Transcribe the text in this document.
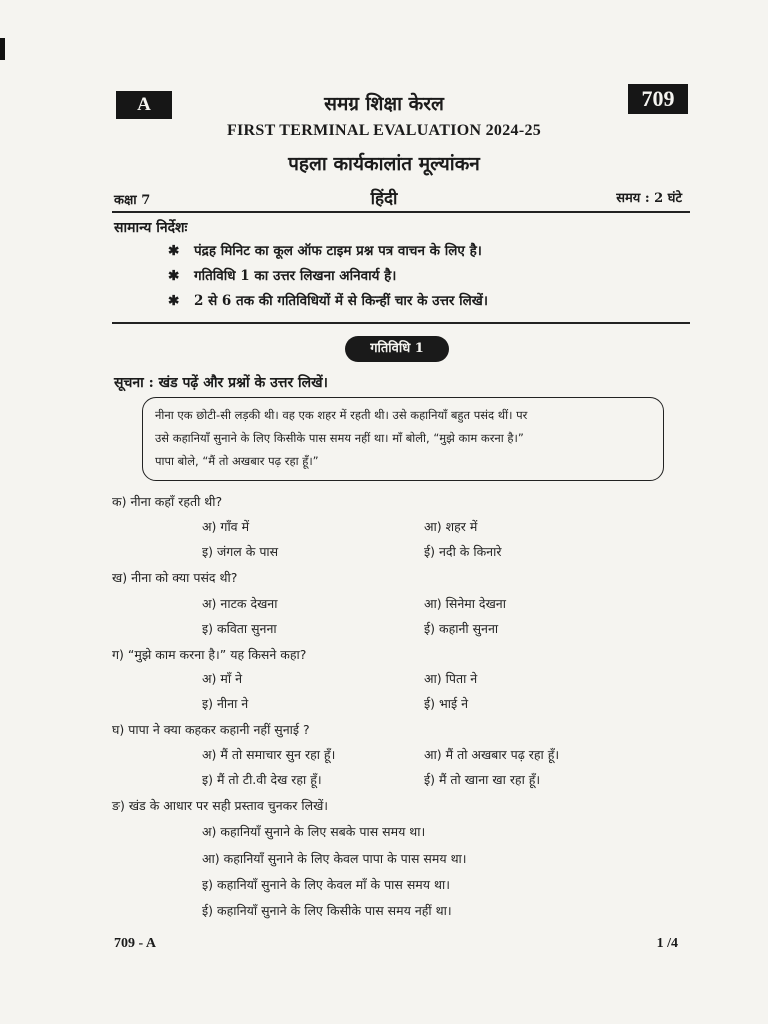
A	709
समग्र शिक्षा केरल
FIRST TERMINAL EVALUATION 2024-25
पहला कार्यकालांत मूल्यांकन
कक्षा 7	हिंदी	समय : 2 घंटे
सामान्य निर्देशः
✱ पंद्रह मिनिट का कूल ऑफ टाइम प्रश्न पत्र वाचन के लिए है।
✱ गतिविधि 1 का उत्तर लिखना अनिवार्य है।
✱ 2 से 6 तक की गतिविधियों में से किन्हीं चार के उत्तर लिखें।
गतिविधि 1
सूचना : खंड पढ़ें और प्रश्नों के उत्तर लिखें।
नीना एक छोटी-सी लड़की थी। वह एक शहर में रहती थी। उसे कहानियाँ बहुत पसंद थीं। पर
उसे कहानियाँ सुनाने के लिए किसीके पास समय नहीं था। माँ बोली, “मुझे काम करना है।”
पापा बोले, “मैं तो अखबार पढ़ रहा हूँ।”
क) नीना कहाँ रहती थी?
अ) गाँव में	आ) शहर में
इ) जंगल के पास	ई) नदी के किनारे
ख) नीना को क्या पसंद थी?
अ) नाटक देखना	आ) सिनेमा देखना
इ) कविता सुनना	ई) कहानी सुनना
ग) “मुझे काम करना है।” यह किसने कहा?
अ) माँ ने	आ) पिता ने
इ) नीना ने	ई) भाई ने
घ) पापा ने क्या कहकर कहानी नहीं सुनाई ?
अ) मैं तो समाचार सुन रहा हूँ।	आ) मैं तो अखबार पढ़ रहा हूँ।
इ) मैं तो टी.वी देख रहा हूँ।	ई) मैं तो खाना खा रहा हूँ।
ङ) खंड के आधार पर सही प्रस्ताव चुनकर लिखें।
अ) कहानियाँ सुनाने के लिए सबके पास समय था।
आ) कहानियाँ सुनाने के लिए केवल पापा के पास समय था।
इ) कहानियाँ सुनाने के लिए केवल माँ के पास समय था।
ई) कहानियाँ सुनाने के लिए किसीके पास समय नहीं था।
709 - A	1 /4
